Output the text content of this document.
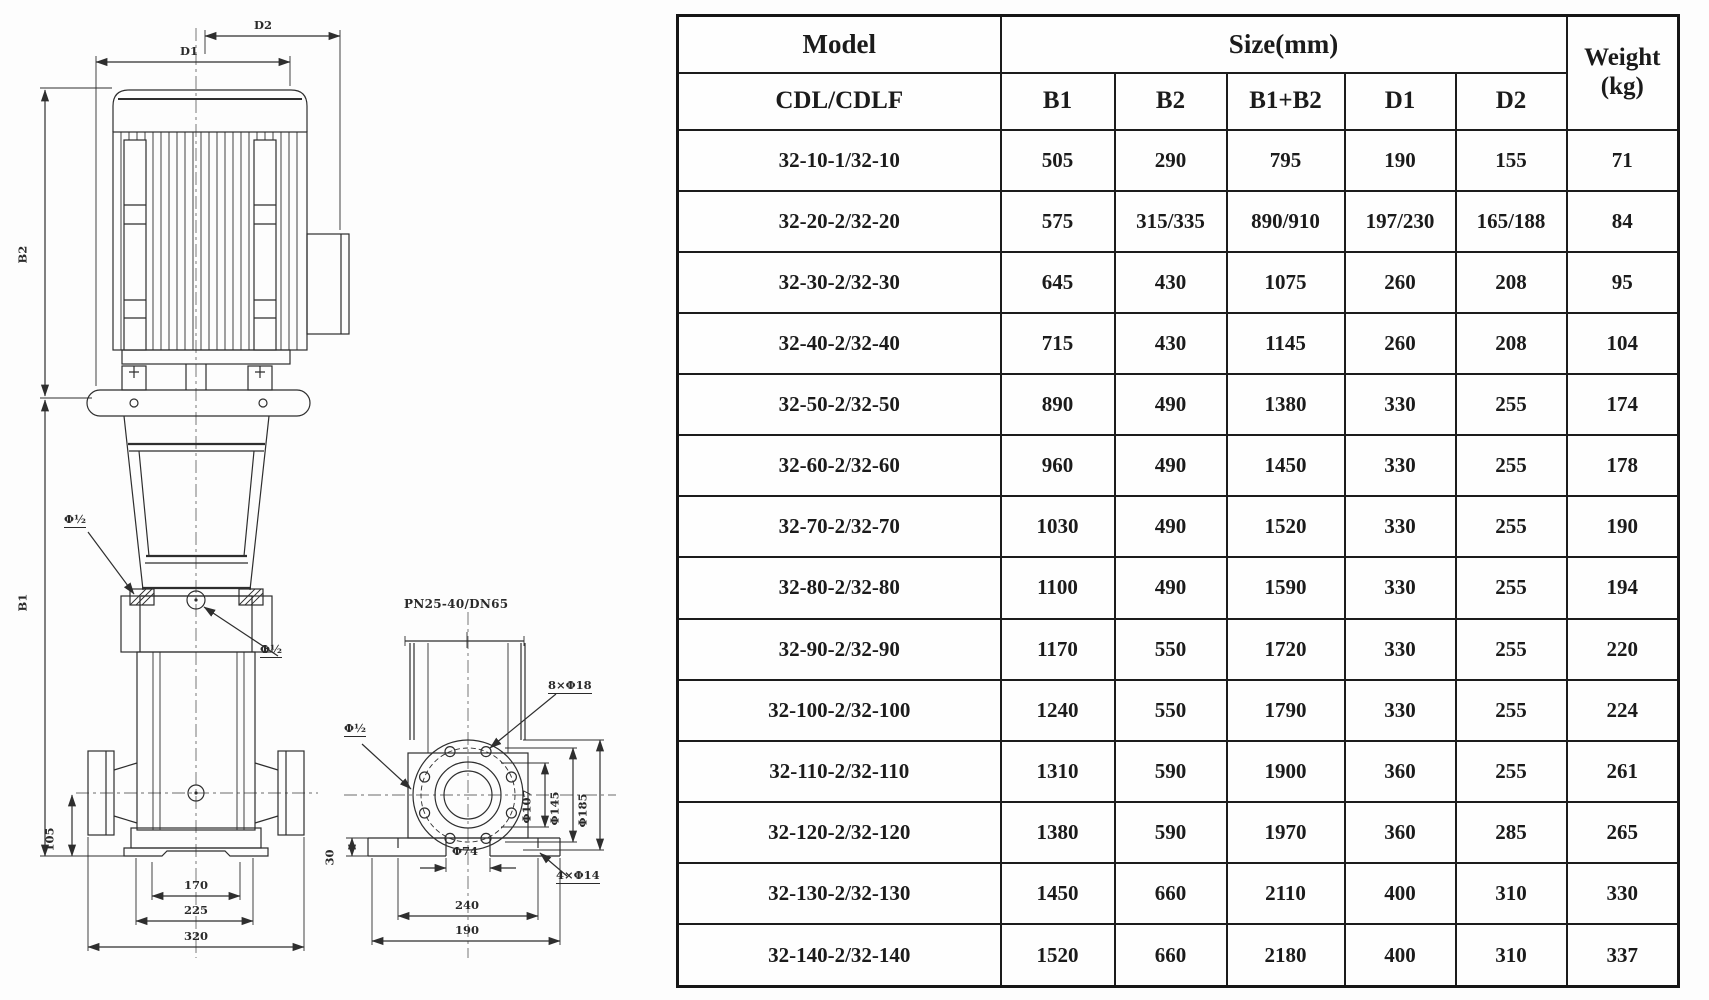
D2
D1
B2
B1
105
170
225
320
Φ½
Φ½
PN25-40/DN65
8×Φ18
Φ½
Φ107 Φ145 Φ185
Φ74
4×Φ14
30
240
190
Model	Size(mm)					Weight
(kg)

CDL/CDLF	B1	B2	B1+B2	D1	D2	
32-10-1/32-10	505	290	795	190	155	71
32-20-2/32-20	575	315/335	890/910	197/230	165/188	84
32-30-2/32-30	645	430	1075	260	208	95
32-40-2/32-40	715	430	1145	260	208	104
32-50-2/32-50	890	490	1380	330	255	174
32-60-2/32-60	960	490	1450	330	255	178
32-70-2/32-70	1030	490	1520	330	255	190
32-80-2/32-80	1100	490	1590	330	255	194
32-90-2/32-90	1170	550	1720	330	255	220
32-100-2/32-100	1240	550	1790	330	255	224
32-110-2/32-110	1310	590	1900	360	255	261
32-120-2/32-120	1380	590	1970	360	285	265
32-130-2/32-130	1450	660	2110	400	310	330
32-140-2/32-140	1520	660	2180	400	310	337
